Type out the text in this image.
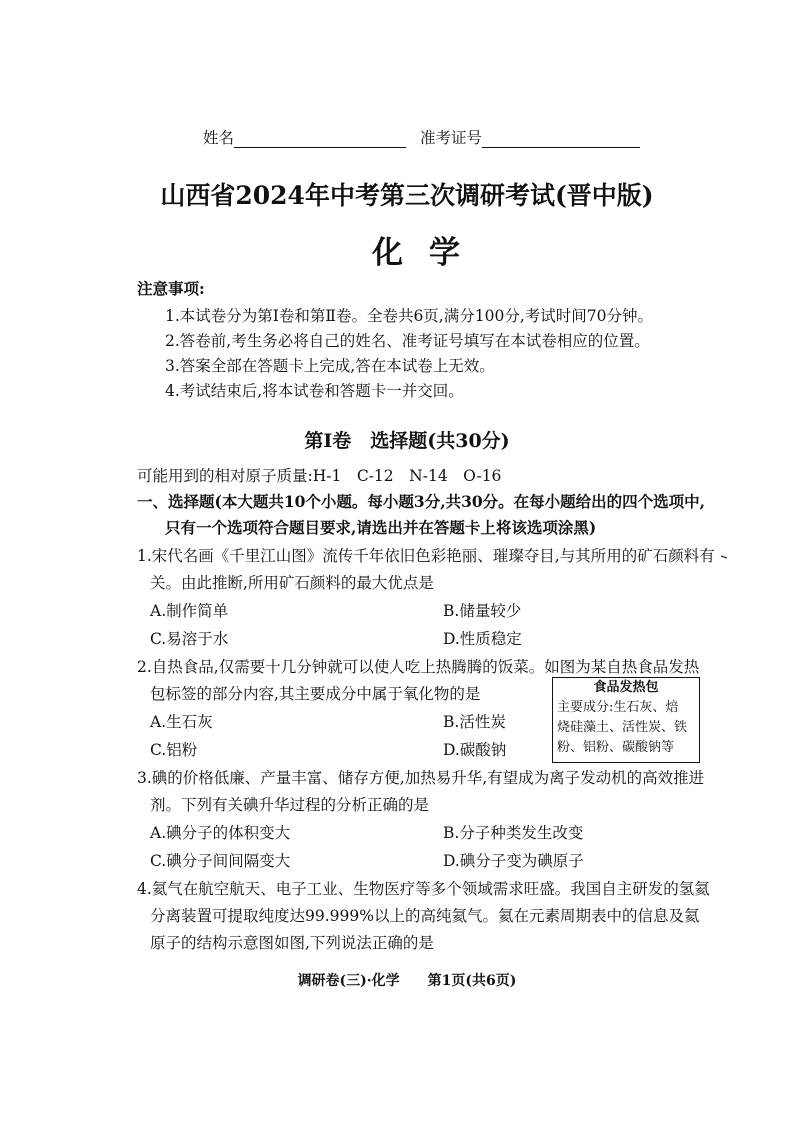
姓名	准考证号
山西省2024年中考第三次调研考试(晋中版)
化学
注意事项:
1.本试卷分为第Ⅰ卷和第Ⅱ卷。全卷共6页,满分100分,考试时间70分钟。
2.答卷前,考生务必将自己的姓名、准考证号填写在本试卷相应的位置。
3.答案全部在答题卡上完成,答在本试卷上无效。
4.考试结束后,将本试卷和答题卡一并交回。
第Ⅰ卷　选择题(共30分)
可能用到的相对原子质量:H-1　C-12　N-14　O-16
一、选择题(本大题共10个小题。每小题3分,共30分。在每小题给出的四个选项中,
只有一个选项符合题目要求,请选出并在答题卡上将该选项涂黑)
1.宋代名画《千里江山图》流传千年依旧色彩艳丽、璀璨夺目,与其所用的矿石颜料有
关。由此推断,所用矿石颜料的最大优点是
A.制作简单	B.储量较少
C.易溶于水	D.性质稳定
2.自热食品,仅需要十几分钟就可以使人吃上热腾腾的饭菜。如图为某自热食品发热
包标签的部分内容,其主要成分中属于氧化物的是
A.生石灰	B.活性炭
C.铝粉	D.碳酸钠
食品发热包
主要成分:生石灰、焙
烧硅藻土、活性炭、铁
粉、铝粉、碳酸钠等
3.碘的价格低廉、产量丰富、储存方便,加热易升华,有望成为离子发动机的高效推进
剂。下列有关碘升华过程的分析正确的是
A.碘分子的体积变大	B.分子种类发生改变
C.碘分子间间隔变大	D.碘分子变为碘原子
4.氦气在航空航天、电子工业、生物医疗等多个领域需求旺盛。我国自主研发的氢氦
分离装置可提取纯度达99.999%以上的高纯氦气。氦在元素周期表中的信息及氦
原子的结构示意图如图,下列说法正确的是
调研卷(三)·化学　　第1页(共6页)
